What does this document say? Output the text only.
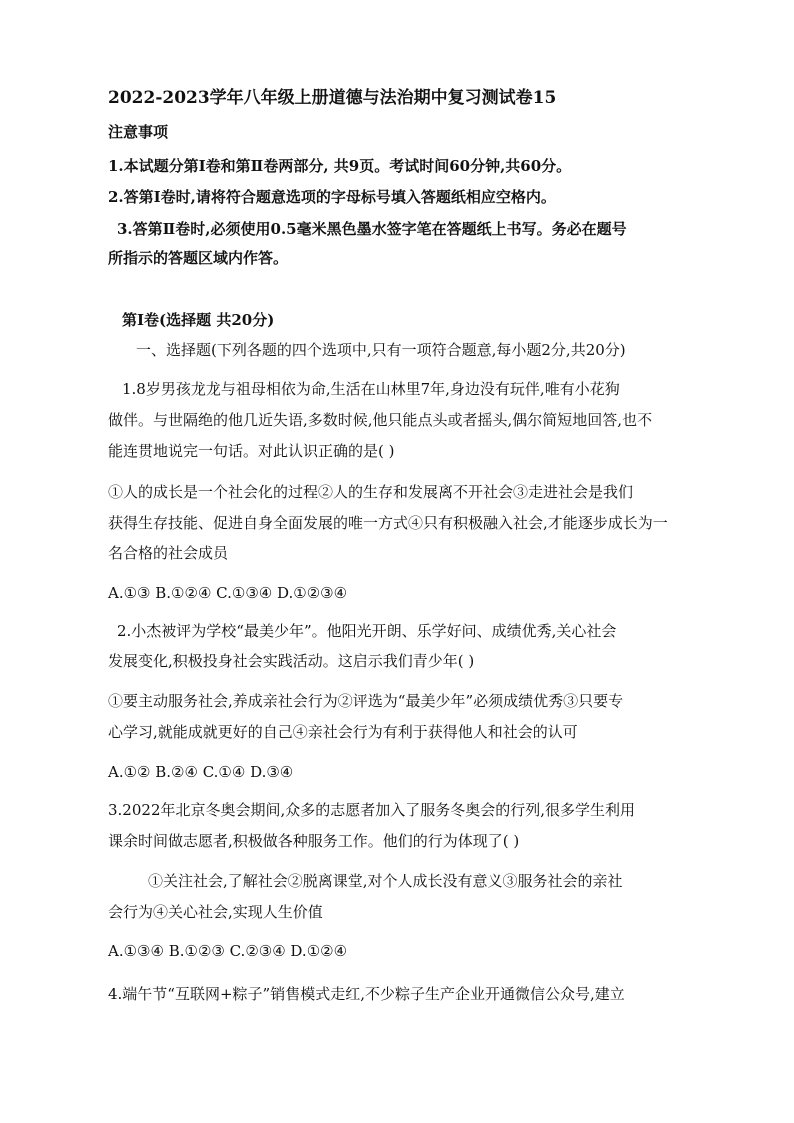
2022-2023学年八年级上册道德与法治期中复习测试卷15
注意事项
1.本试题分第Ⅰ卷和第Ⅱ卷两部分, 共9页。考试时间60分钟,共60分。
2.答第Ⅰ卷时,请将符合题意选项的字母标号填入答题纸相应空格内。
3.答第Ⅱ卷时,必须使用0.5毫米黑色墨水签字笔在答题纸上书写。务必在题号
所指示的答题区域内作答。
第Ⅰ卷(选择题 共20分)
一、选择题(下列各题的四个选项中,只有一项符合题意,每小题2分,共20分)
1.8岁男孩龙龙与祖母相依为命,生活在山林里7年,身边没有玩伴,唯有小花狗
做伴。与世隔绝的他几近失语,多数时候,他只能点头或者摇头,偶尔简短地回答,也不
能连贯地说完一句话。对此认识正确的是( )
①人的成长是一个社会化的过程②人的生存和发展离不开社会③走进社会是我们
获得生存技能、促进自身全面发展的唯一方式④只有积极融入社会,才能逐步成长为一
名合格的社会成员
A.①③ B.①②④ C.①③④ D.①②③④
2.小杰被评为学校“最美少年”。他阳光开朗、乐学好问、成绩优秀,关心社会
发展变化,积极投身社会实践活动。这启示我们青少年( )
①要主动服务社会,养成亲社会行为②评选为“最美少年”必须成绩优秀③只要专
心学习,就能成就更好的自己④亲社会行为有利于获得他人和社会的认可
A.①② B.②④ C.①④ D.③④
3.2022年北京冬奥会期间,众多的志愿者加入了服务冬奥会的行列,很多学生利用
课余时间做志愿者,积极做各种服务工作。他们的行为体现了( )
①关注社会,了解社会②脱离课堂,对个人成长没有意义③服务社会的亲社
会行为④关心社会,实现人生价值
A.①③④ B.①②③ C.②③④ D.①②④
4.端午节“互联网+粽子”销售模式走红,不少粽子生产企业开通微信公众号,建立
